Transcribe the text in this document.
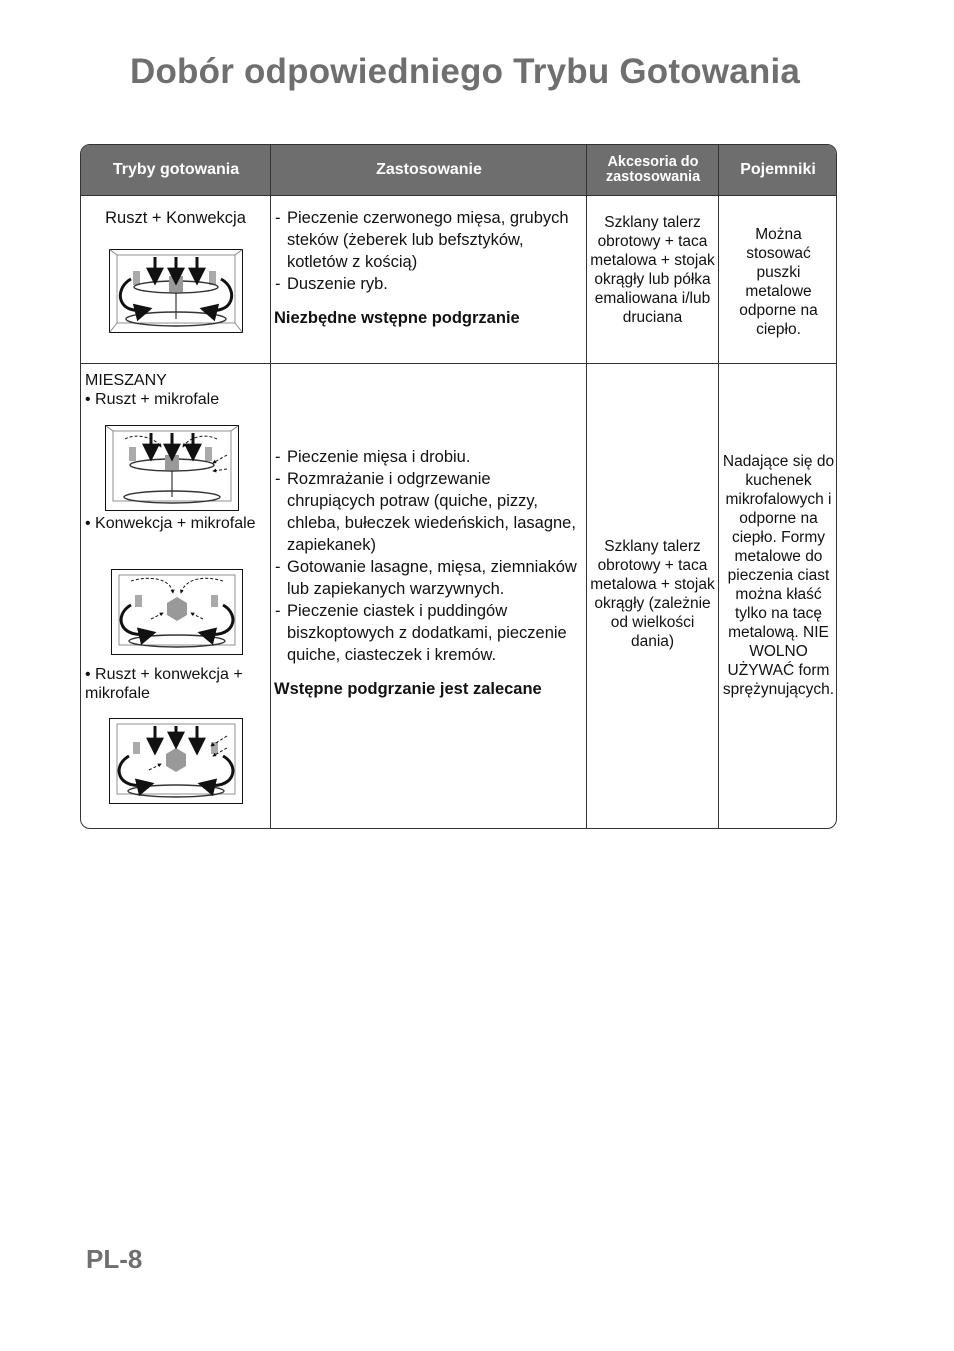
Dobór odpowiedniego Trybu Gotowania
Tryby gotowania	Zastosowanie	Akcesoria do zastosowania	Pojemniki
Ruszt + Konwekcja
-	Pieczenie czerwonego mięsa, grubych steków (żeberek lub befsztyków, kotletów z kością)
- Duszenie ryb.
Niezbędne wstępne podgrzanie
Szklany talerz obrotowy + taca metalowa + stojak okrągły lub półka emaliowana i/lub druciana
Można stosować puszki metalowe odporne na ciepło.
MIESZANY
• Ruszt + mikrofale
• Konwekcja + mikrofale
• Ruszt + konwekcja + mikrofale
- Pieczenie mięsa i drobiu.
- Rozmrażanie i odgrzewanie chrupiących potraw (quiche, pizzy, chleba, bułeczek wiedeńskich, lasagne, zapiekanek)
- Gotowanie lasagne, mięsa, ziemniaków lub zapiekanych warzywnych.
- Pieczenie ciastek i puddingów biszkoptowych z dodatkami, pieczenie quiche, ciasteczek i kremów.
Wstępne podgrzanie jest zalecane
Szklany talerz obrotowy + taca metalowa + stojak okrągły (zależnie od wielkości dania)
Nadające się do kuchenek mikrofalowych i odporne na ciepło. Formy metalowe do pieczenia ciast można kłaść tylko na tacę metalową. NIE WOLNO UŻYWAĆ form sprężynujących.

PL-8
